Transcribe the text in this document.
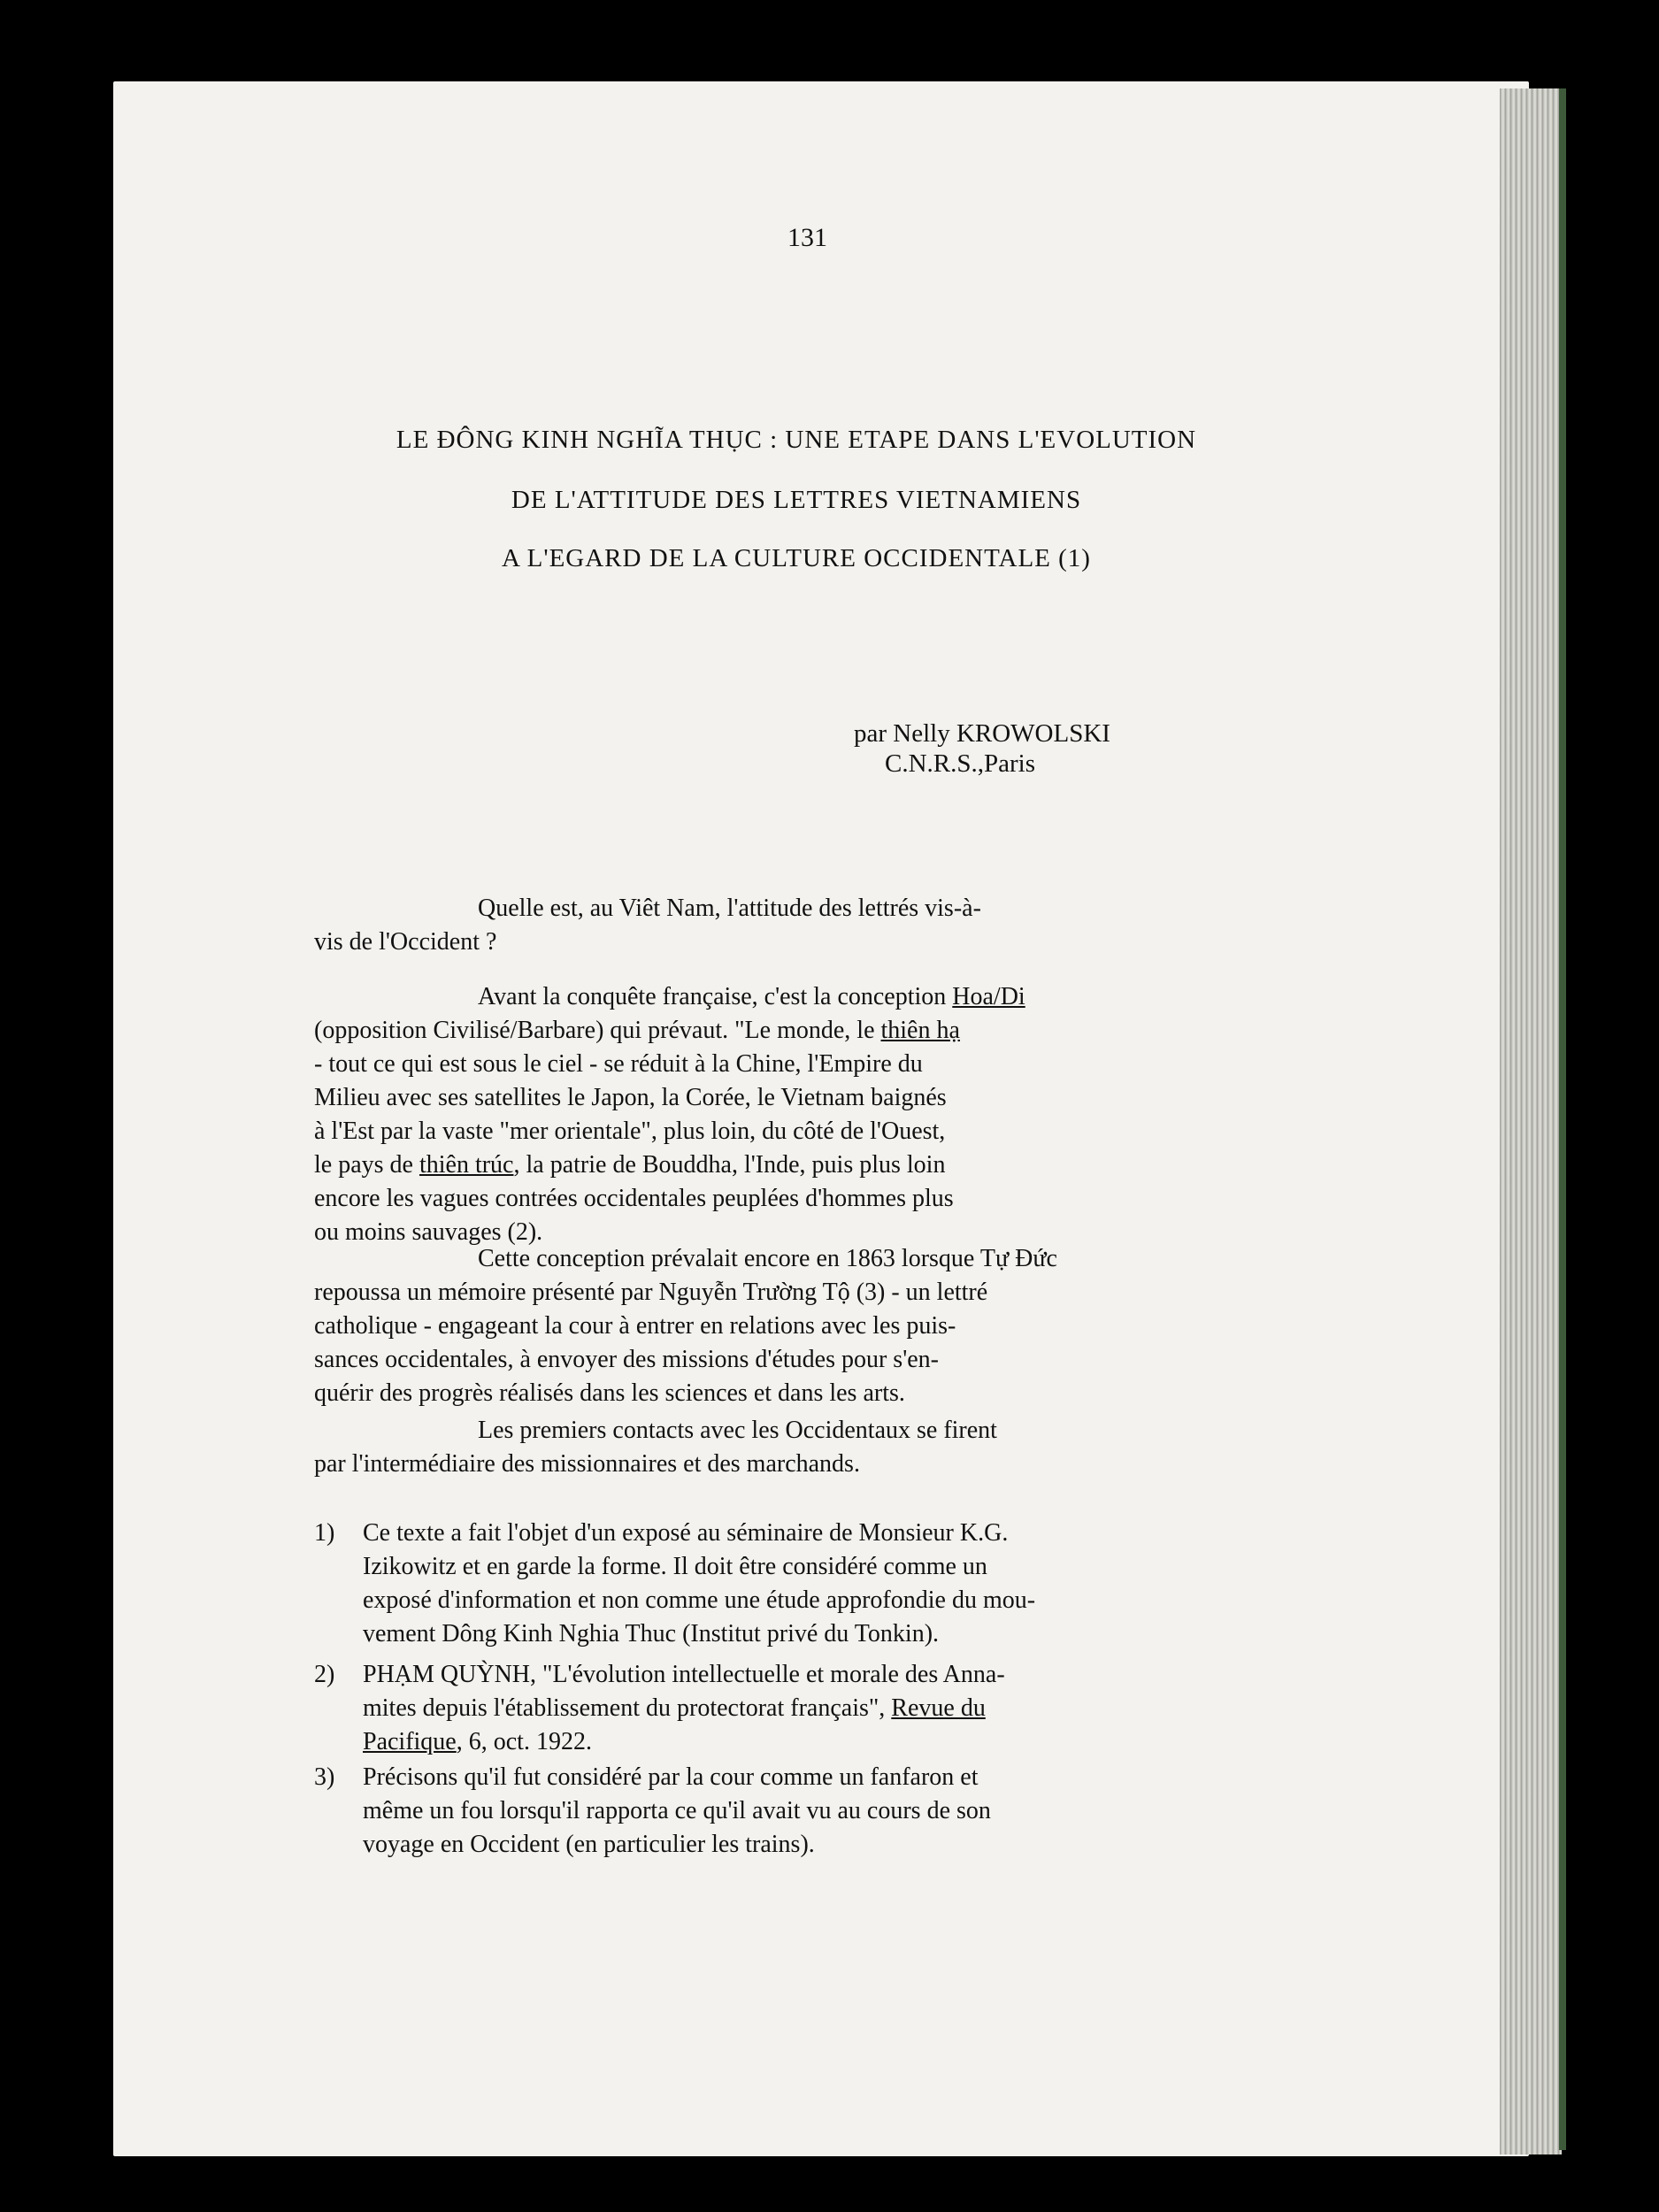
131
LE ĐÔNG KINH NGHĨA THỤC : UNE ETAPE DANS L'EVOLUTION
DE L'ATTITUDE DES LETTRES VIETNAMIENS
A L'EGARD DE LA CULTURE OCCIDENTALE (1)
par Nelly KROWOLSKI
C.N.R.S.,Paris
Quelle est, au Viêt Nam, l'attitude des lettrés vis-à-
vis de l'Occident ?
Avant la conquête française, c'est la conception Hoa/Di
(opposition Civilisé/Barbare) qui prévaut. "Le monde, le thiên hạ
- tout ce qui est sous le ciel - se réduit à la Chine, l'Empire du
Milieu avec ses satellites le Japon, la Corée, le Vietnam baignés
à l'Est par la vaste "mer orientale", plus loin, du côté de l'Ouest,
le pays de thiên trúc, la patrie de Bouddha, l'Inde, puis plus loin
encore les vagues contrées occidentales peuplées d'hommes plus
ou moins sauvages (2).
Cette conception prévalait encore en 1863 lorsque Tự Đức
repoussa un mémoire présenté par Nguyễn Trường Tộ (3) - un lettré
catholique - engageant la cour à entrer en relations avec les puis-
sances occidentales, à envoyer des missions d'études pour s'en-
quérir des progrès réalisés dans les sciences et dans les arts.
Les premiers contacts avec les Occidentaux se firent
par l'intermédiaire des missionnaires et des marchands.
1) Ce texte a fait l'objet d'un exposé au séminaire de Monsieur K.G.
Izikowitz et en garde la forme. Il doit être considéré comme un
exposé d'information et non comme une étude approfondie du mou-
vement Dông Kinh Nghia Thuc (Institut privé du Tonkin).
2) PHẠM QUỲNH, "L'évolution intellectuelle et morale des Anna-
mites depuis l'établissement du protectorat français", Revue du
Pacifique, 6, oct. 1922.
3) Précisons qu'il fut considéré par la cour comme un fanfaron et
même un fou lorsqu'il rapporta ce qu'il avait vu au cours de son
voyage en Occident (en particulier les trains).
